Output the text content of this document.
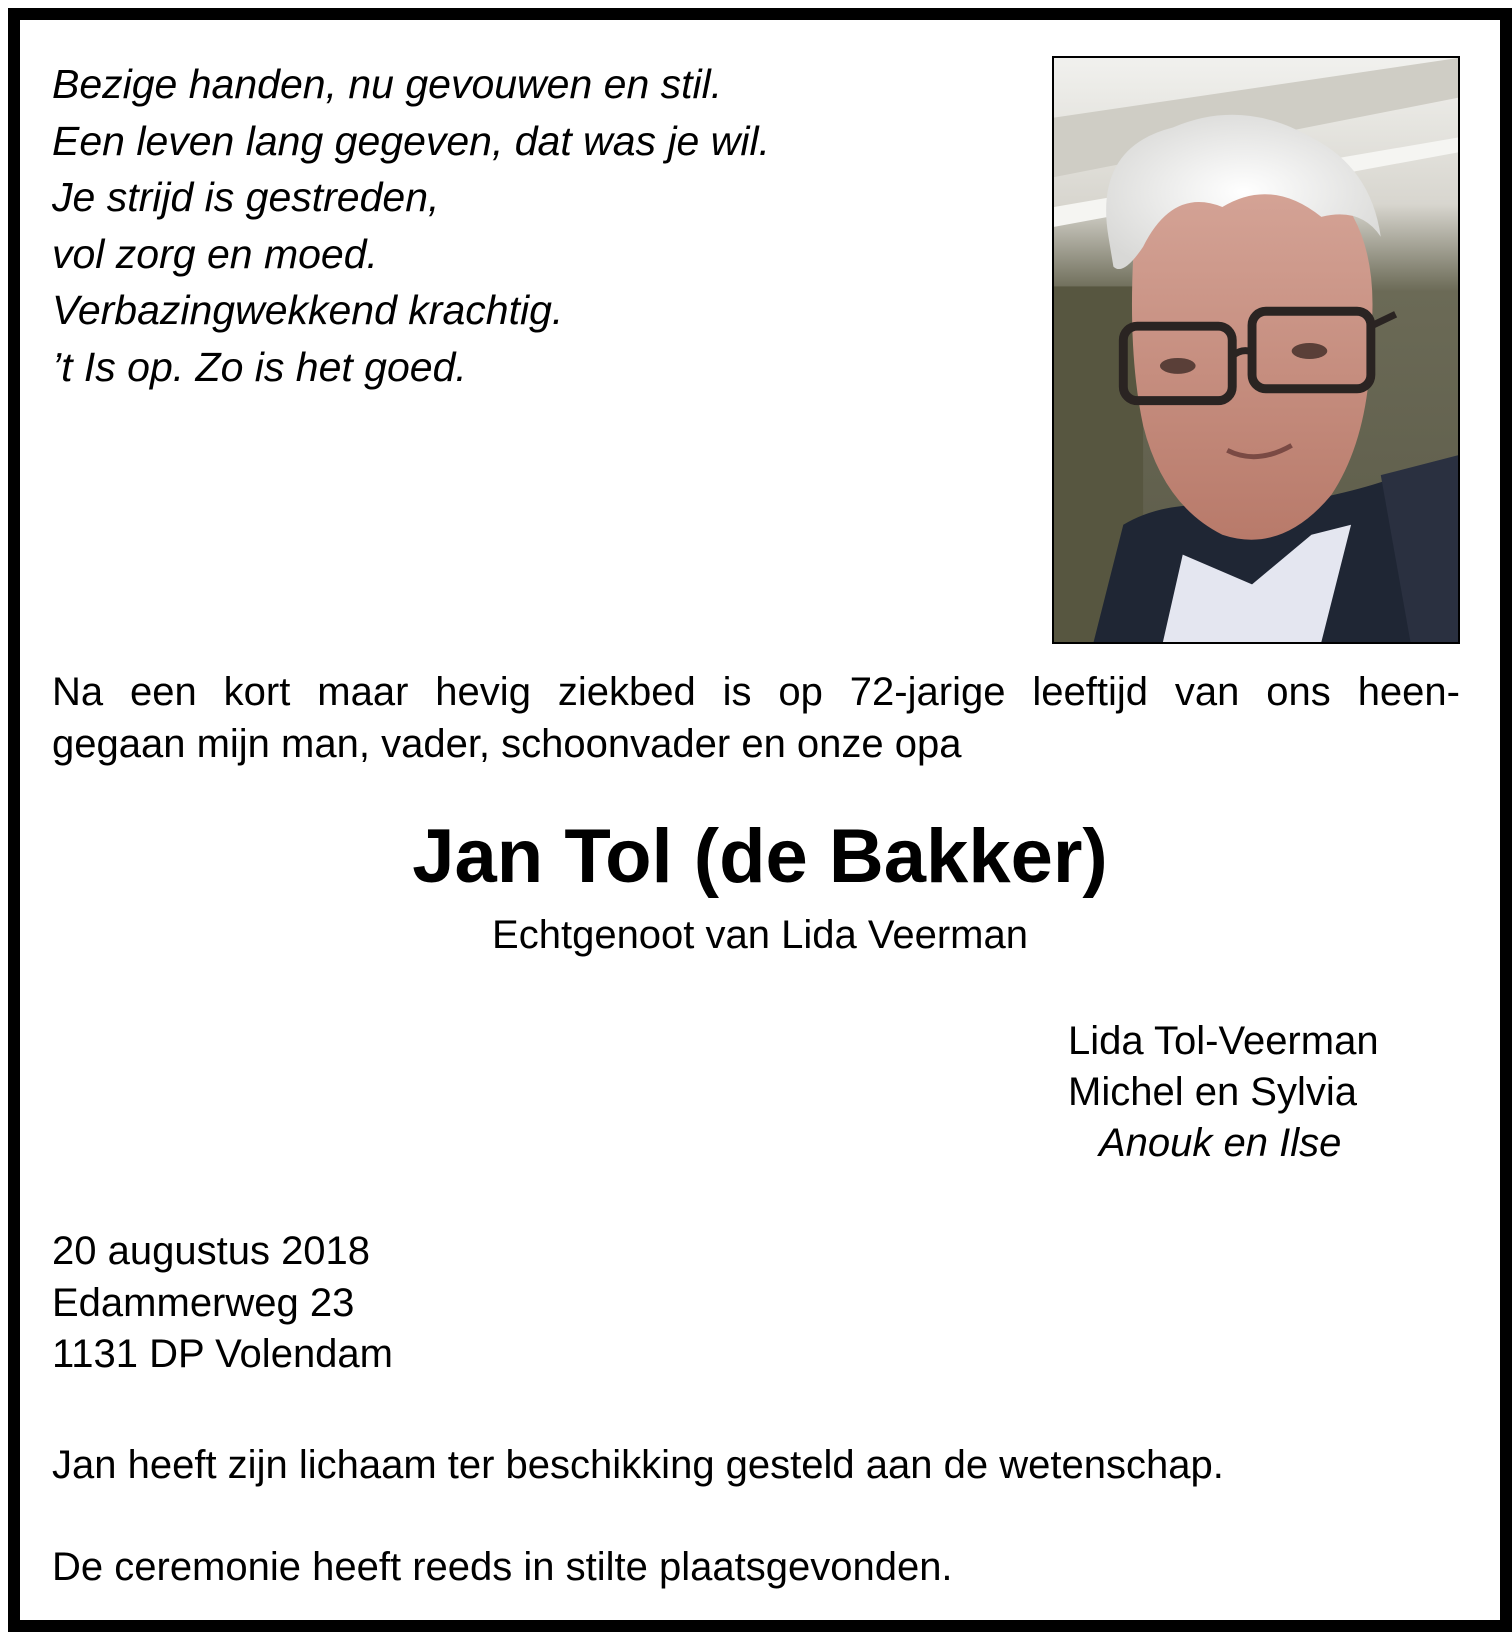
Bezige handen, nu gevouwen en stil.
Een leven lang gegeven, dat was je wil.
Je strijd is gestreden,
vol zorg en moed.
Verbazingwekkend krachtig.
’t Is op. Zo is het goed.
Na een kort maar hevig ziekbed is op 72-jarige leeftijd van ons heen-
gegaan mijn man, vader, schoonvader en onze opa
Jan Tol (de Bakker)
Echtgenoot van Lida Veerman
Lida Tol-Veerman
Michel en Sylvia
Anouk en Ilse
20 augustus 2018
Edammerweg 23
1131 DP Volendam
Jan heeft zijn lichaam ter beschikking gesteld aan de wetenschap.
De ceremonie heeft reeds in stilte plaatsgevonden.
